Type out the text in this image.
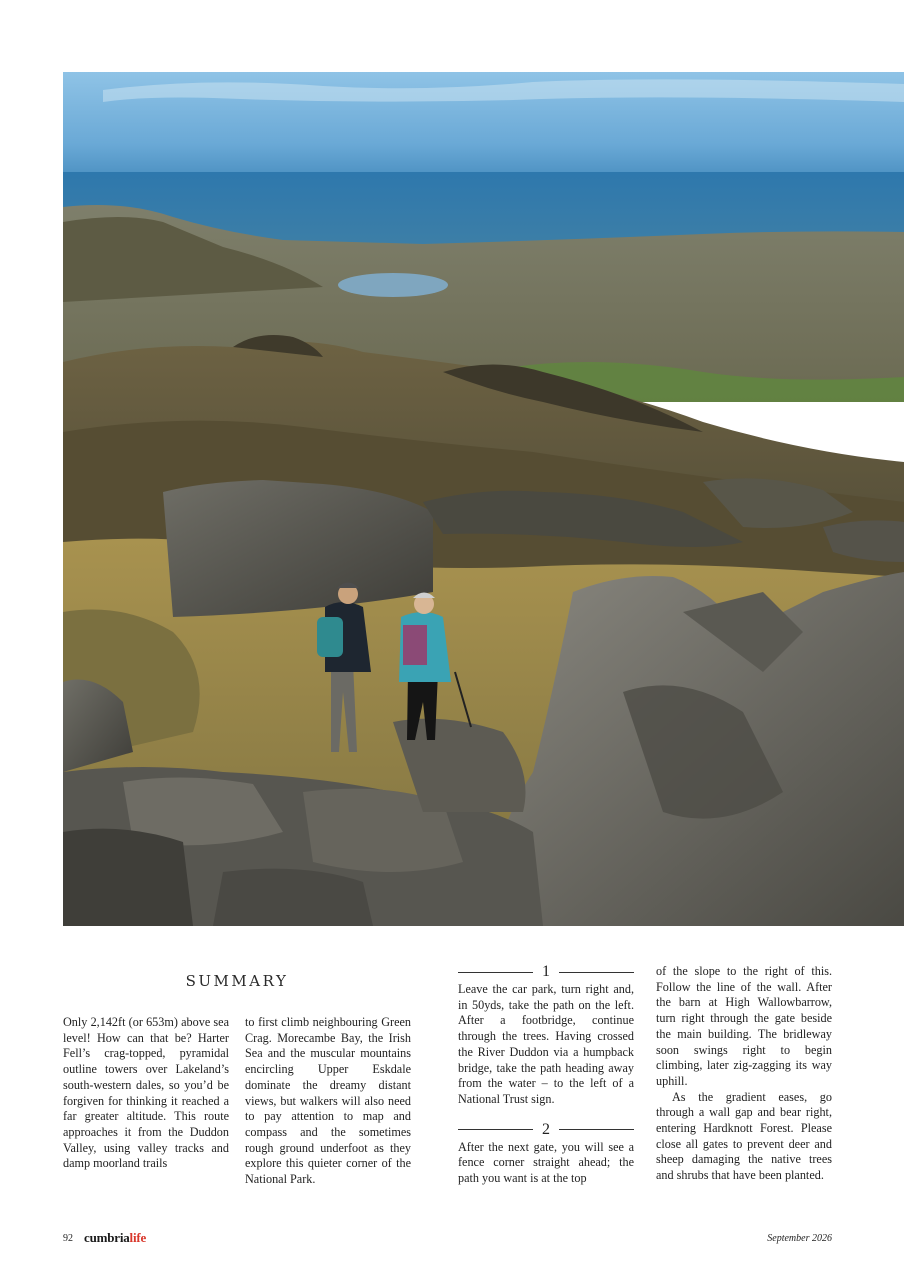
SUMMARY

Only 2,142ft (or 653m) above sea level! How can that be? Harter Fell’s crag-topped, pyramidal outline towers over Lakeland’s south-western dales, so you’d be forgiven for thinking it reached a far greater altitude. This route approaches it from the Duddon Valley, using valley tracks and damp moorland trails

to first climb neighbouring Green Crag. Morecambe Bay, the Irish Sea and the muscular mountains encircling Upper Eskdale dominate the dreamy distant views, but walkers will also need to pay attention to map and compass and the sometimes rough ground underfoot as they explore this quieter corner of the National Park.

1

Leave the car park, turn right and, in 50yds, take the path on the left. After a footbridge, continue through the trees. Having crossed the River Duddon via a humpback bridge, take the path heading away from the water – to the left of a National Trust sign.

2

After the next gate, you will see a fence corner straight ahead; the path you want is at the top

of the slope to the right of this. Follow the line of the wall. After the barn at High Wallowbarrow, turn right through the gate beside the main building. The bridleway soon swings right to begin climbing, later zig-zagging its way uphill.

As the gradient eases, go through a wall gap and bear right, entering Hardknott Forest. Please close all gates to prevent deer and sheep damaging the native trees and shrubs that have been planted.

92 cumbrialife	September 2026
